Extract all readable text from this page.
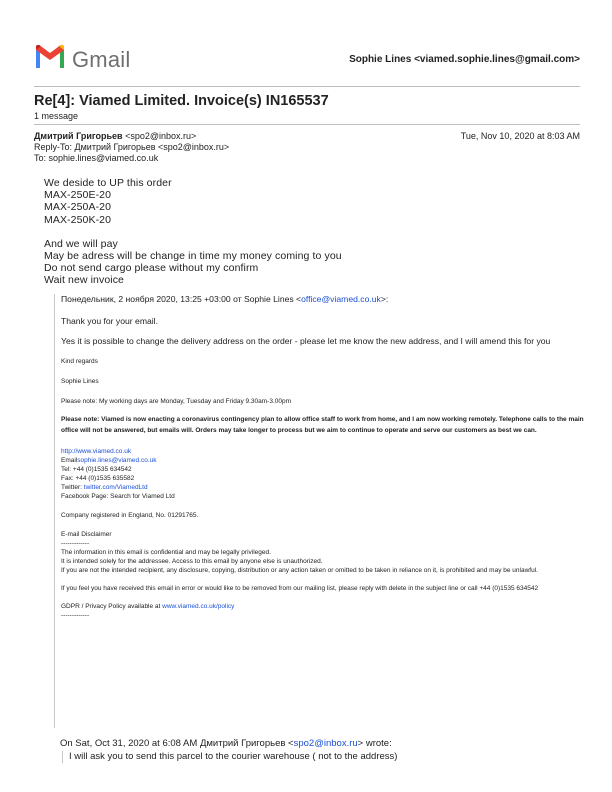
Gmail	Sophie Lines <viamed.sophie.lines@gmail.com>
Re[4]: Viamed Limited. Invoice(s) IN165537
1 message
Дмитрий Григорьев <spo2@inbox.ru>	Tue, Nov 10, 2020 at 8:03 AM
Reply-To: Дмитрий Григорьев <spo2@inbox.ru>
To: sophie.lines@viamed.co.uk
We deside to UP this order
MAX-250E-20
MAX-250A-20
MAX-250K-20
And we will pay
May be adress will be change in time my money coming to you
Do not send cargo please without my confirm
Wait new invoice
Понедельник, 2 ноября 2020, 13:25 +03:00 от Sophie Lines <office@viamed.co.uk>:
Thank you for your email.
Yes it is possible to change the delivery address on the order - please let me know the new address, and I will amend this for you
Kind regards
Sophie Lines
Please note: My working days are Monday, Tuesday and Friday 9.30am-3.00pm
Please note: Viamed is now enacting a coronavirus contingency plan to allow office staff to work from home, and I am now working remotely. Telephone calls to the main office will not be answered, but emails will. Orders may take longer to process but we aim to continue to operate and serve our customers as best we can.
http://www.viamed.co.uk
Emailsophie.lines@viamed.co.uk
Tel: +44 (0)1535 634542
Fax: +44 (0)1535 635582
Twitter: twitter.com/ViamedLtd
Facebook Page: Search for Viamed Ltd
Company registered in England, No. 01291765.
E-mail Disclaimer
-------------
The information in this email is confidential and may be legally privileged.
It is intended solely for the addressee. Access to this email by anyone else is unauthorized.
If you are not the intended recipient, any disclosure, copying, distribution or any action taken or omitted to be taken in reliance on it, is prohibited and may be unlawful.
If you feel you have received this email in error or would like to be removed from our mailing list, please reply with delete in the subject line or call +44 (0)1535 634542
GDPR / Privacy Policy available at www.viamed.co.uk/policy
-------------
On Sat, Oct 31, 2020 at 6:08 AM Дмитрий Григорьев <spo2@inbox.ru> wrote:
I will ask you to send this parcel to the courier warehouse ( not to the address)
